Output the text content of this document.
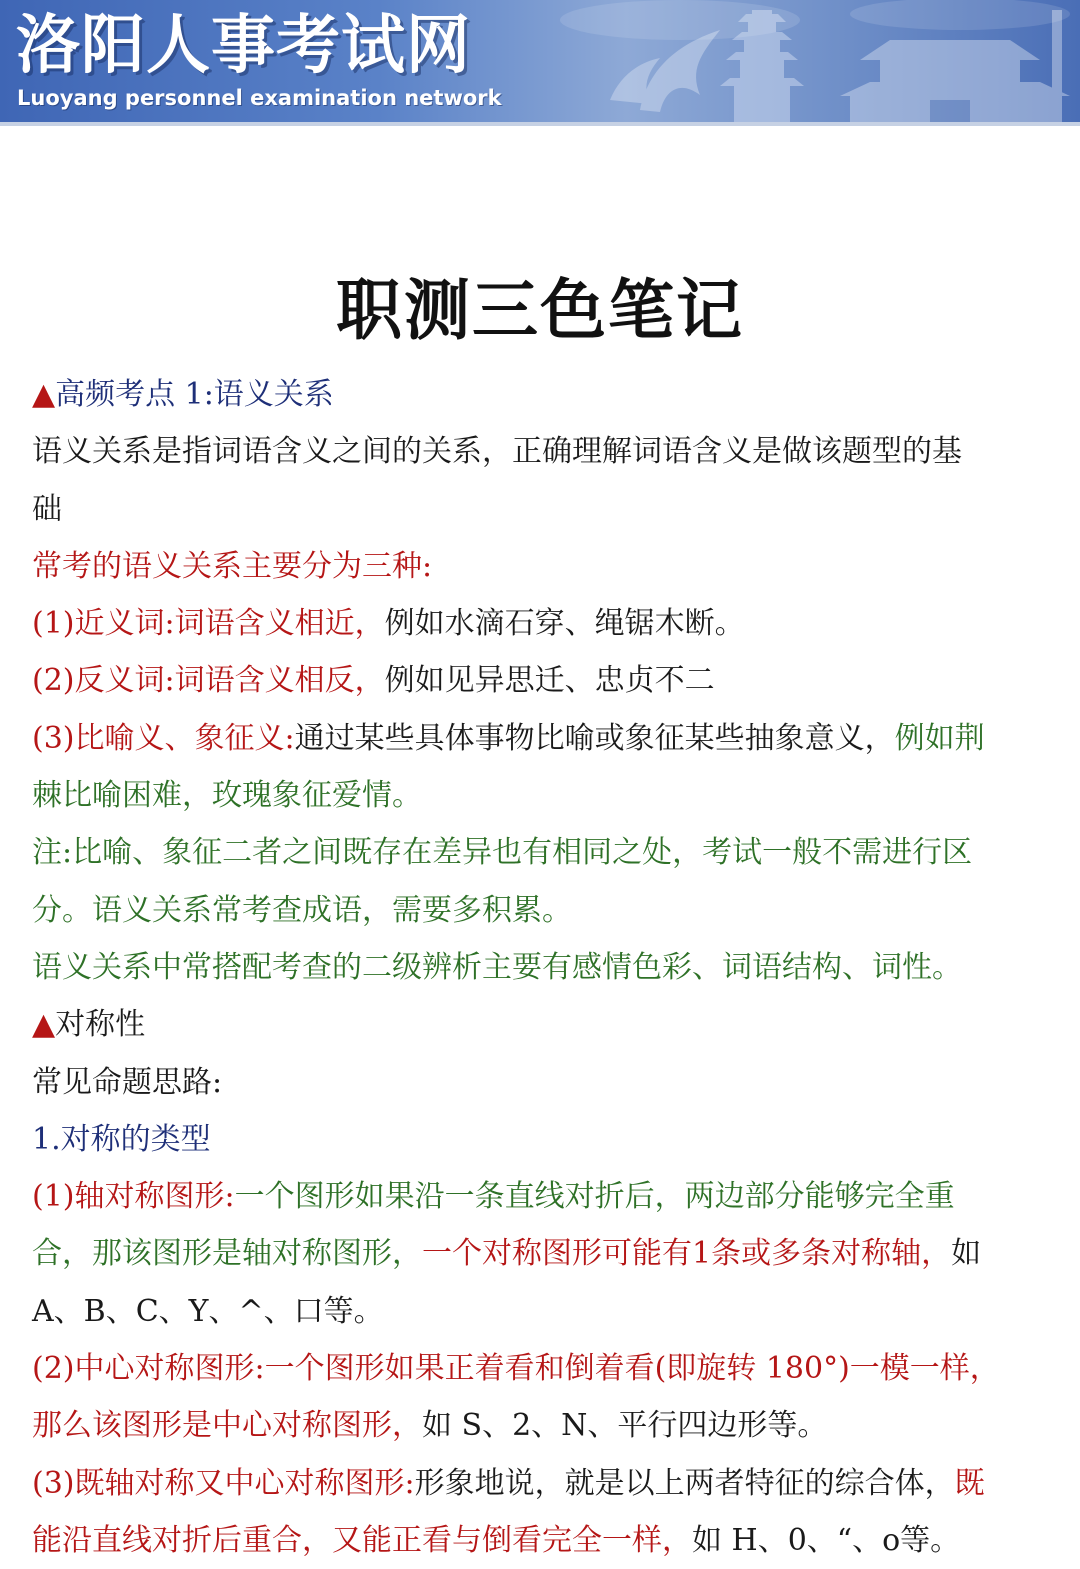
洛阳人事考试网
Luoyang personnel examination network
职测三色笔记
▲高频考点 1:语义关系
语义关系是指词语含义之间的关系，正确理解词语含义是做该题型的基
础
常考的语义关系主要分为三种:
(1)近义词:词语含义相近，例如水滴石穿、绳锯木断。
(2)反义词:词语含义相反，例如见异思迁、忠贞不二
(3)比喻义、象征义:通过某些具体事物比喻或象征某些抽象意义，例如荆
棘比喻困难，玫瑰象征爱情。
注:比喻、象征二者之间既存在差异也有相同之处，考试一般不需进行区
分。语义关系常考查成语，需要多积累。
语义关系中常搭配考查的二级辨析主要有感情色彩、词语结构、词性。
▲对称性
常见命题思路:
1.对称的类型
(1)轴对称图形:一个图形如果沿一条直线对折后，两边部分能够完全重
合，那该图形是轴对称图形，一个对称图形可能有1条或多条对称轴，如
A、B、C、Y、^、口等。
(2)中心对称图形:一个图形如果正着看和倒着看(即旋转 180°)一模一样，
那么该图形是中心对称图形，如 S、2、N、平行四边形等。
(3)既轴对称又中心对称图形:形象地说，就是以上两者特征的综合体，既
能沿直线对折后重合，又能正看与倒看完全一样，如 H、0、“、o等。
